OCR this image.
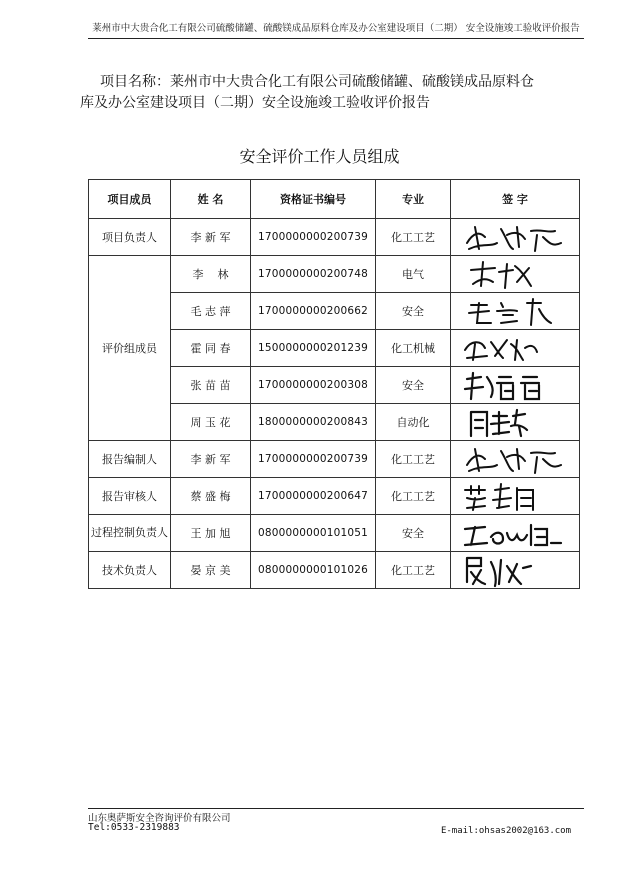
莱州市中大贵合化工有限公司硫酸储罐、硫酸镁成品原料仓库及办公室建设项目（二期） 安全设施竣工验收评价报告
项目名称：莱州市中大贵合化工有限公司硫酸储罐、硫酸镁成品原料仓
库及办公室建设项目（二期）安全设施竣工验收评价报告
安全评价工作人员组成
项目成员	姓 名	资格证书编号	专业	签 字
项目负责人	李 新 军	1700000000200739	化工工艺	

评价组成员	李    林	1700000000200748	电气	

	毛 志 萍	1700000000200662	安全	

	霍 同 春	1500000000201239	化工机械	

	张 苗 苗	1700000000200308	安全	

	周 玉 花	1800000000200843	自动化	

报告编制人	李 新 军	1700000000200739	化工工艺	

报告审核人	蔡 盛 梅	1700000000200647	化工工艺	

过程控制负责人	王 加 旭	0800000000101051	安全	

技术负责人	晏 京 美	0800000000101026	化工工艺	
山东奥萨斯安全咨询评价有限公司
Tel:0533-2319883	E-mail:ohsas2002@163.com
